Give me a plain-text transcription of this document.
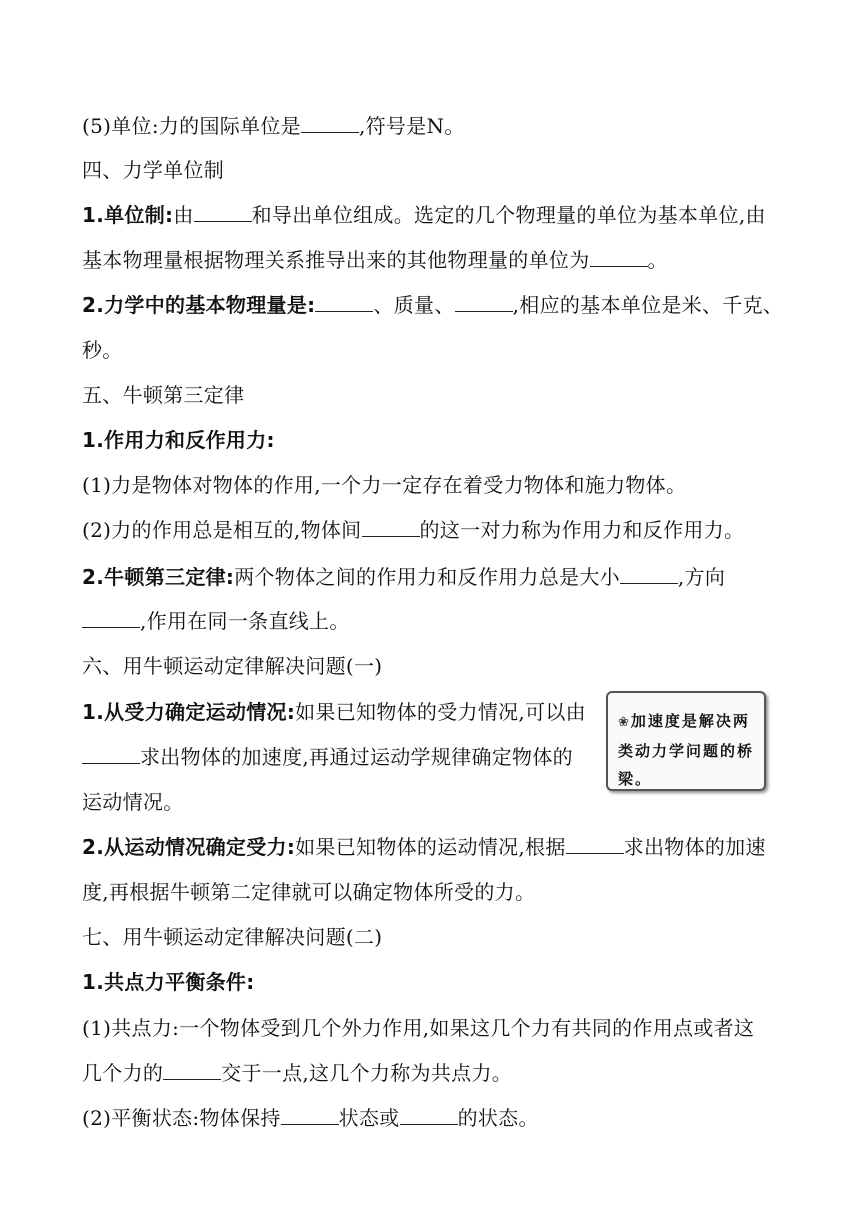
(5)单位:力的国际单位是	,符号是N。
四、力学单位制
1.单位制:由	和导出单位组成。选定的几个物理量的单位为基本单位,由
基本物理量根据物理关系推导出来的其他物理量的单位为	。
2.力学中的基本物理量是:	、质量、	,相应的基本单位是米、千克、
秒。
五、牛顿第三定律
1.作用力和反作用力:
(1)力是物体对物体的作用,一个力一定存在着受力物体和施力物体。
(2)力的作用总是相互的,物体间	的这一对力称为作用力和反作用力。
2.牛顿第三定律:两个物体之间的作用力和反作用力总是大小	,方向
,作用在同一条直线上。
六、用牛顿运动定律解决问题(一)
1.从受力确定运动情况:如果已知物体的受力情况,可以由
求出物体的加速度,再通过运动学规律确定物体的
运动情况。
❀加速度是解决两类动力学问题的桥梁。
2.从运动情况确定受力:如果已知物体的运动情况,根据	求出物体的加速
度,再根据牛顿第二定律就可以确定物体所受的力。
七、用牛顿运动定律解决问题(二)
1.共点力平衡条件:
(1)共点力:一个物体受到几个外力作用,如果这几个力有共同的作用点或者这
几个力的	交于一点,这几个力称为共点力。
(2)平衡状态:物体保持	状态或	的状态。
